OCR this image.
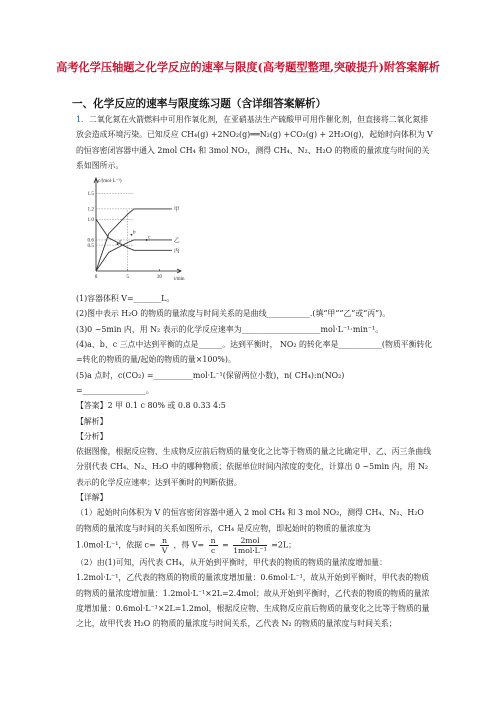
高考化学压轴题之化学反应的速率与限度(高考题型整理,突破提升)附答案解析
一、化学反应的速率与限度练习题（含详细答案解析）

1．二氧化氮在火箭燃料中可用作氧化剂，在亚硝基法生产硫酸甲可用作催化剂，但直接将二氧化氮排放会造成环境污染。已知反应 CH₄(g) +2NO₂(g)══N₂(g) +CO₂(g) + 2H₂O(g)，起始时向体积为 V 的恒容密闭容器中通入 2mol CH₄ 和 3mol NO₂，测得 CH₄、N₂、H₂O 的物质的量浓度与时间的关系如图所示。

c/(mol·L⁻¹)
t/min
1.5
1.2
1.0
0.6
0.5
0	5	10
甲
乙
丙
a
b
c

(1)容器体积 V=_______L。

(2)图中表示 H₂O 的物质的量浓度与时间关系的是曲线___________.(填“甲”“乙”或“丙”)。

(3)0 ~5min 内，用 N₂ 表示的化学反应速率为____________________mol·L⁻¹·min⁻¹。

(4)a、b、c 三点中达到平衡的点是______。达到平衡时， NO₂ 的转化率是___________(物质平衡转化=转化的物质的量/起始的物质的量×100%)。

(5)a 点时，c(CO₂) =__________mol·L⁻¹(保留两位小数)，n( CH₄):n(NO₂)

=________________。

【答案】2 甲 0.1 c 80% 或 0.8 0.33 4:5

【解析】

【分析】

依据图像，根据反应物、生成物反应前后物质的量变化之比等于物质的量之比确定甲、乙、丙三条曲线分别代表 CH₄、N₂、H₂O 中的哪种物质；依据单位时间内浓度的变化，计算出 0 ~5min 内，用 N₂ 表示的化学反应速率；达到平衡时的判断依据。

【详解】

（1）起始时向体积为 V 的恒容密闭容器中通入 2 mol CH₄ 和 3 mol NO₂，测得 CH₄、N₂、H₂O 的物质的量浓度与时间的关系如图所示，CH₄ 是反应物，即起始时的物质的量浓度为

1.0mol·L⁻¹，依据 $c= \frac{n}{V}$ ，得 $V= \frac{n}{c} = \frac{\text{2mol}}{\text{1mol·L⁻¹}} =2L$；

（2）由(1)可知，丙代表 CH₄，从开始到平衡时，甲代表的物质的物质的量浓度增加量：1.2mol·L⁻¹，乙代表的物质的物质的量浓度增加量：0.6mol·L⁻¹，故从开始到平衡时，甲代表的物质的物质的量浓度增加量：1.2mol·L⁻¹×2L=2.4mol；故从开始到平衡时，乙代表的物质的物质的量浓度增加量：0.6mol·L⁻¹×2L=1.2mol，根据反应物、生成物反应前后物质的量变化之比等于物质的量之比，故甲代表 H₂O 的物质的量浓度与时间关系，乙代表 N₂ 的物质的量浓度与时间关系；
